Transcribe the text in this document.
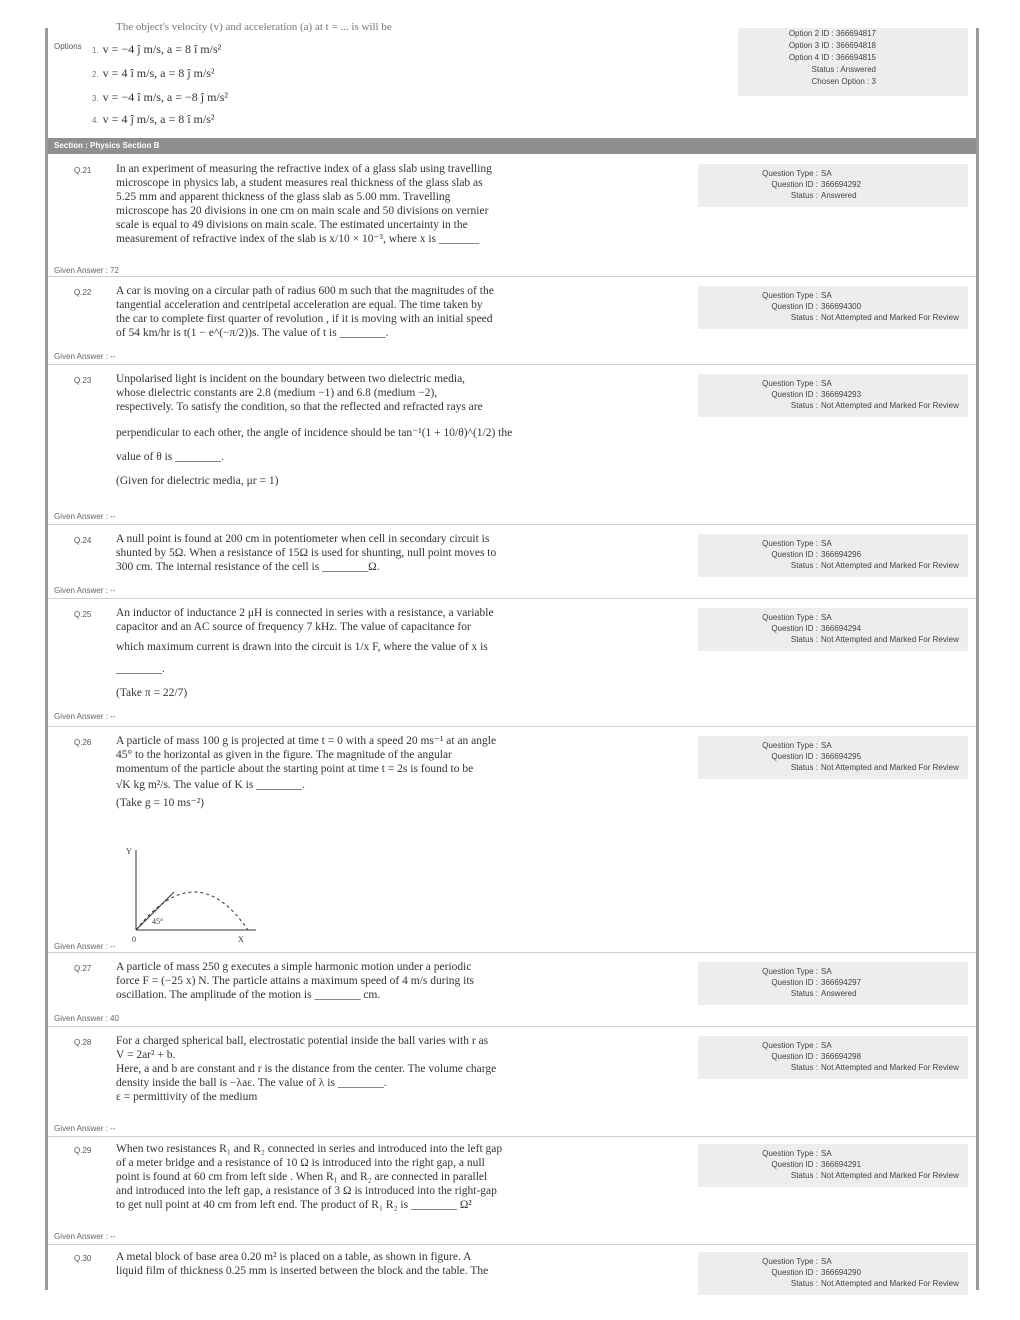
The object's velocity (v) and acceleration (a) at t = ... is will be
Options 1. v = −4 ĵ m/s, a = 8 î m/s²
2. v = 4 î m/s, a = 8 ĵ m/s²
3. v = −4 î m/s, a = −8 ĵ m/s²
4. v = 4 ĵ m/s, a = 8 î m/s²
Option 2 ID : 366694817
Option 3 ID : 366694818
Option 4 ID : 366694815
Status : Answered
Chosen Option : 3
Section : Physics Section B
Q.21 In an experiment of measuring the refractive index of a glass slab using travelling
microscope in physics lab, a student measures real thickness of the glass slab as
5.25 mm and apparent thickness of the glass slab as 5.00 mm. Travelling
microscope has 20 divisions in one cm on main scale and 50 divisions on vernier
scale is equal to 49 divisions on main scale. The estimated uncertainty in the
measurement of refractive index of the slab is x/10 × 10⁻³, where x is _______
Question Type : SA
Question ID : 366694292
Status : Answered
Given Answer : 72
Q.22 A car is moving on a circular path of radius 600 m such that the magnitudes of the
tangential acceleration and centripetal acceleration are equal. The time taken by
the car to complete first quarter of revolution , if it is moving with an initial speed
of 54 km/hr is t(1 − e^(−π/2))s. The value of t is ________.
Question Type : SA
Question ID : 366694300
Status : Not Attempted and Marked For Review
Given Answer : --
Q.23 Unpolarised light is incident on the boundary between two dielectric media,
whose dielectric constants are 2.8 (medium −1) and 6.8 (medium −2),
respectively. To satisfy the condition, so that the reflected and refracted rays are
perpendicular to each other, the angle of incidence should be tan⁻¹(1 + 10/θ)^(1/2) the
value of θ is ________.
(Given for dielectric media, μr = 1)
Question Type : SA
Question ID : 366694293
Status : Not Attempted and Marked For Review
Given Answer : --
Q.24 A null point is found at 200 cm in potentiometer when cell in secondary circuit is
shunted by 5Ω. When a resistance of 15Ω is used for shunting, null point moves to
300 cm. The internal resistance of the cell is ________Ω.
Question Type : SA
Question ID : 366694296
Status : Not Attempted and Marked For Review
Given Answer : --
Q.25 An inductor of inductance 2 μH is connected in series with a resistance, a variable
capacitor and an AC source of frequency 7 kHz. The value of capacitance for
which maximum current is drawn into the circuit is 1/x F, where the value of x is
________.
(Take π = 22/7)
Question Type : SA
Question ID : 366694294
Status : Not Attempted and Marked For Review
Given Answer : --
Q.26 A particle of mass 100 g is projected at time t = 0 with a speed 20 ms⁻¹ at an angle
45° to the horizontal as given in the figure. The magnitude of the angular
momentum of the particle about the starting point at time t = 2s is found to be
√K kg m²/s. The value of K is ________.
(Take g = 10 ms⁻²)
Y
X
0
45°
Question Type : SA
Question ID : 366694295
Status : Not Attempted and Marked For Review
Given Answer : --
Q.27 A particle of mass 250 g executes a simple harmonic motion under a periodic
force F = (−25 x) N. The particle attains a maximum speed of 4 m/s during its
oscillation. The amplitude of the motion is ________ cm.
Question Type : SA
Question ID : 366694297
Status : Answered
Given Answer : 40
Q.28 For a charged spherical ball, electrostatic potential inside the ball varies with r as
V = 2ar² + b.
Here, a and b are constant and r is the distance from the center. The volume charge
density inside the ball is −λaε. The value of λ is ________.
ε = permittivity of the medium
Question Type : SA
Question ID : 366694298
Status : Not Attempted and Marked For Review
Given Answer : --
Q.29 When two resistances R₁ and R₂ connected in series and introduced into the left gap
of a meter bridge and a resistance of 10 Ω is introduced into the right gap, a null
point is found at 60 cm from left side . When R₁ and R₂ are connected in parallel
and introduced into the left gap, a resistance of 3 Ω is introduced into the right-gap
to get null point at 40 cm from left end. The product of R₁ R₂ is ________ Ω²
Question Type : SA
Question ID : 366694291
Status : Not Attempted and Marked For Review
Given Answer : --
Q.30 A metal block of base area 0.20 m² is placed on a table, as shown in figure. A
liquid film of thickness 0.25 mm is inserted between the block and the table. The
Question Type : SA
Question ID : 366694290
Status : Not Attempted and Marked For Review
